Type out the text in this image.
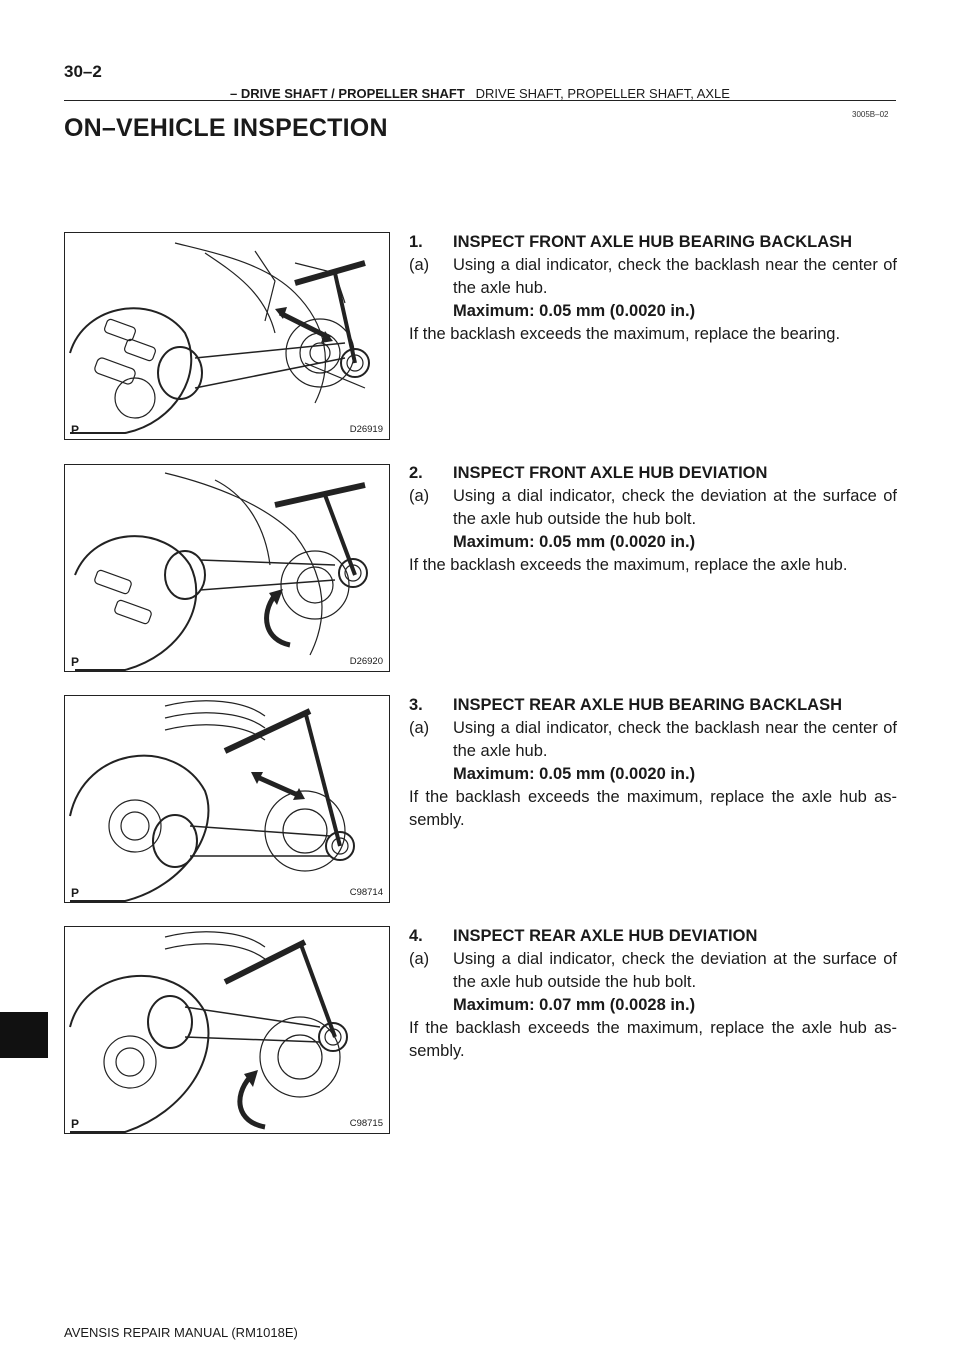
30–2
– DRIVE SHAFT / PROPELLER SHAFT DRIVE SHAFT, PROPELLER SHAFT, AXLE
3005B–02
ON–VEHICLE INSPECTION
P	D26919
P	D26920
P	C98714
P	C98715
1. INSPECT FRONT AXLE HUB BEARING BACKLASH
(a)	Using a dial indicator, check the backlash near the center of the axle hub.
Maximum: 0.05 mm (0.0020 in.)
If the backlash exceeds the maximum, replace the bearing.
2. INSPECT FRONT AXLE HUB DEVIATION
(a)	Using a dial indicator, check the deviation at the surface of the axle hub outside the hub bolt.
Maximum: 0.05 mm (0.0020 in.)
If the backlash exceeds the maximum, replace the axle hub.
3. INSPECT REAR AXLE HUB BEARING BACKLASH
(a)	Using a dial indicator, check the backlash near the center of the axle hub.
Maximum: 0.05 mm (0.0020 in.)
If the backlash exceeds the maximum, replace the axle hub as- sembly.
4. INSPECT REAR AXLE HUB DEVIATION
(a)	Using a dial indicator, check the deviation at the surface of the axle hub outside the hub bolt.
Maximum: 0.07 mm (0.0028 in.)
If the backlash exceeds the maximum, replace the axle hub as- sembly.
AVENSIS REPAIR MANUAL (RM1018E)
